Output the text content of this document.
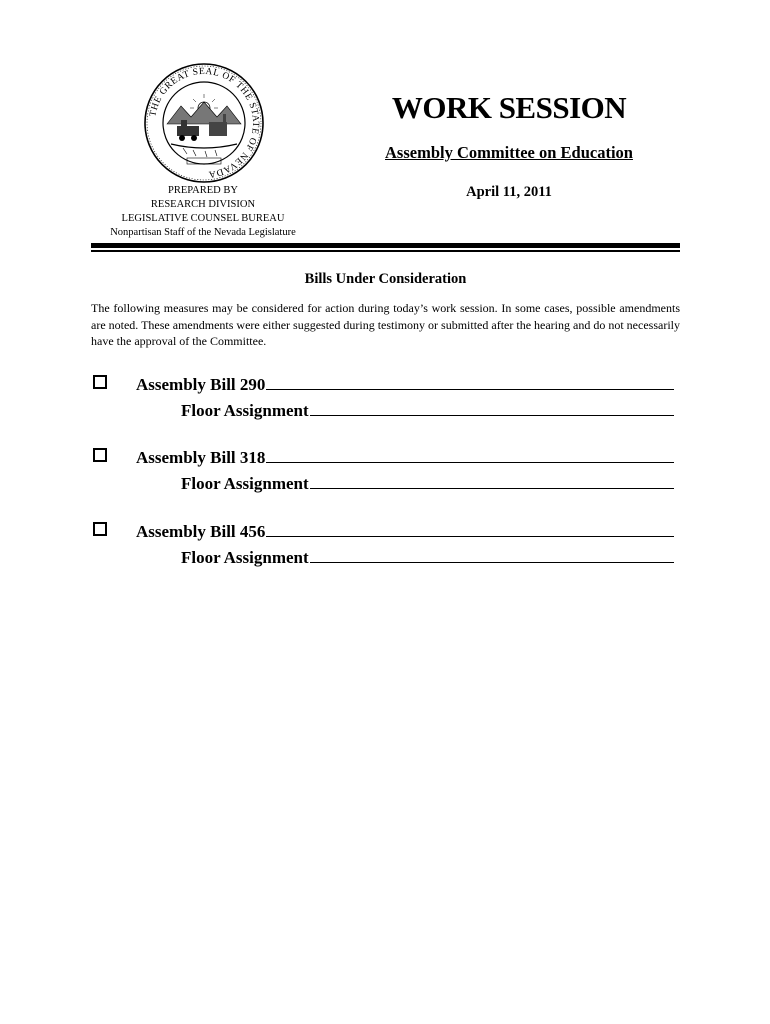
THE GREAT SEAL OF THE STATE OF NEVADA
PREPARED BY
RESEARCH DIVISION
LEGISLATIVE COUNSEL BUREAU
Nonpartisan Staff of the Nevada Legislature
WORK SESSION
Assembly Committee on Education
April 11, 2011
Bills Under Consideration
The following measures may be considered for action during today’s work session. In some cases, possible amendments are noted. These amendments were either suggested during testimony or submitted after the hearing and do not necessarily have the approval of the Committee.
Assembly Bill 290
Floor Assignment
Assembly Bill 318
Floor Assignment
Assembly Bill 456
Floor Assignment
